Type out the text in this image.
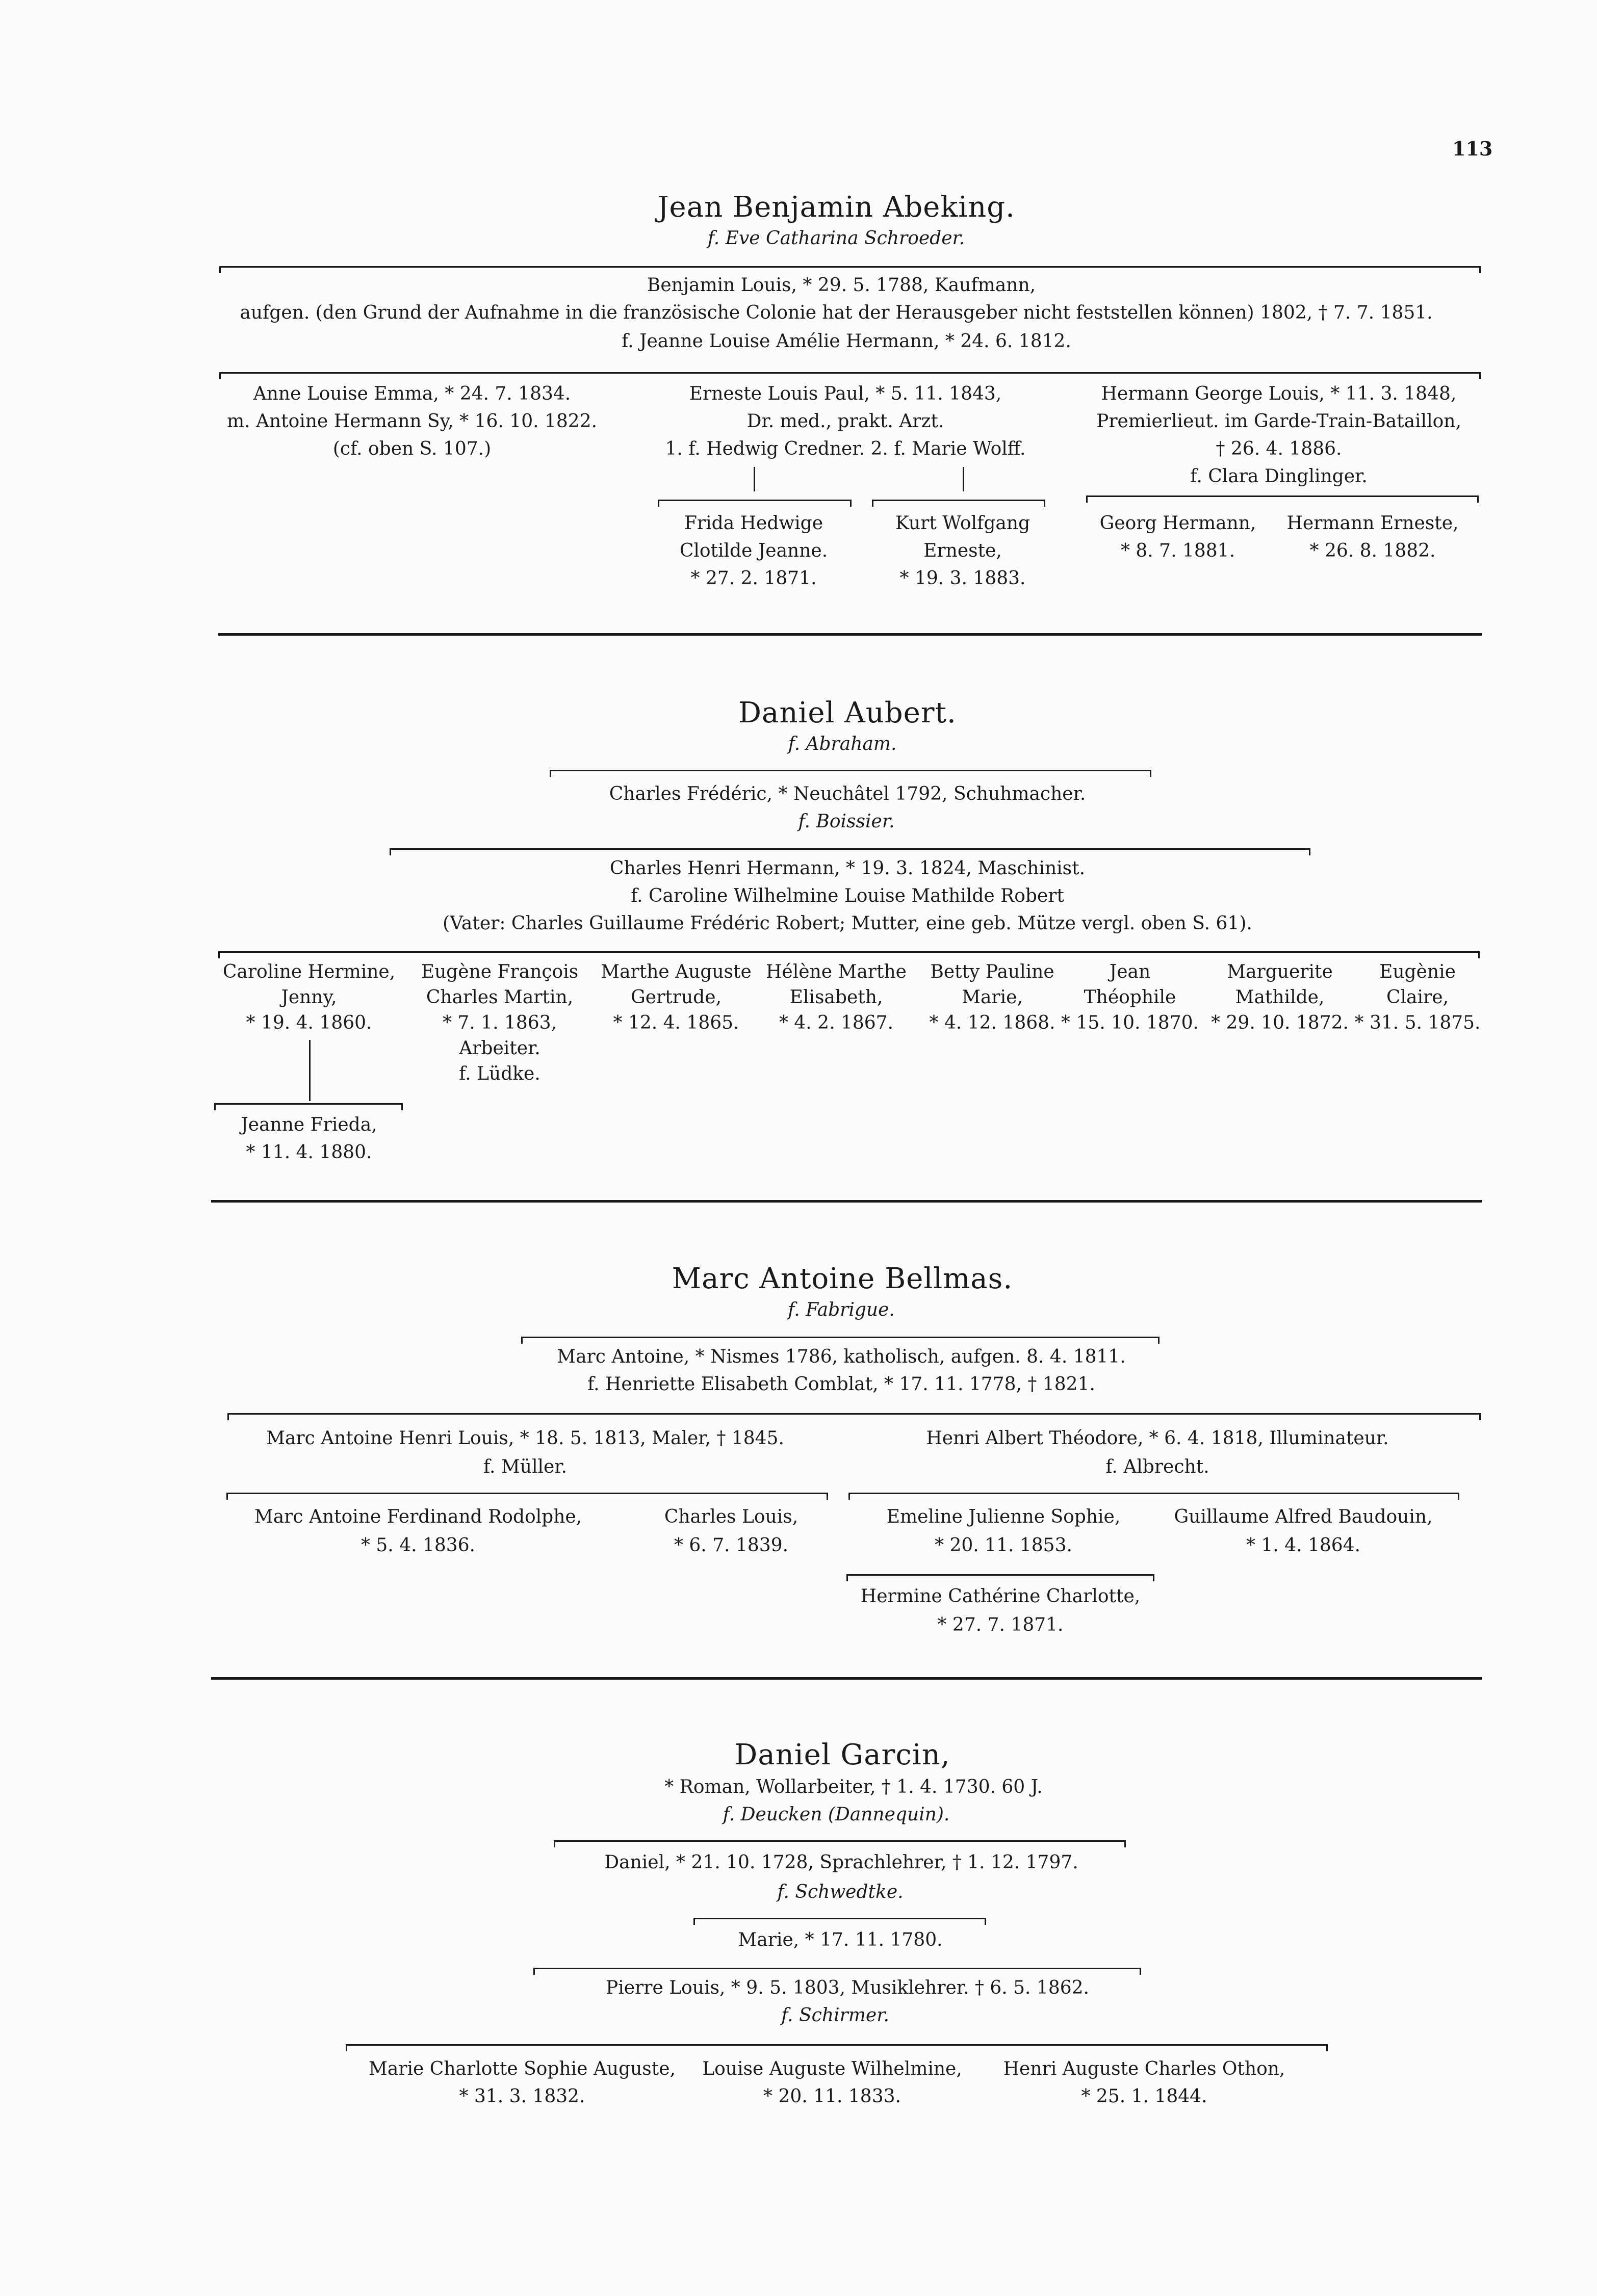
113
Jean Benjamin Abeking.
f. Eve Catharina Schroeder.
Benjamin Louis, * 29. 5. 1788, Kaufmann,
aufgen. (den Grund der Aufnahme in die französische Colonie hat der Herausgeber nicht feststellen können) 1802, † 7. 7. 1851.
f. Jeanne Louise Amélie Hermann, * 24. 6. 1812.
Anne Louise Emma, * 24. 7. 1834.
m. Antoine Hermann Sy, * 16. 10. 1822.
(cf. oben S. 107.)
Erneste Louis Paul, * 5. 11. 1843,
Dr. med., prakt. Arzt.
1. f. Hedwig Credner. 2. f. Marie Wolff.
Hermann George Louis, * 11. 3. 1848,
Premierlieut. im Garde-Train-Bataillon,
† 26. 4. 1886.
f. Clara Dinglinger.
Frida Hedwige
Clotilde Jeanne.
* 27. 2. 1871.
Kurt Wolfgang
Erneste,
* 19. 3. 1883.
Georg Hermann,
* 8. 7. 1881.
Hermann Erneste,
* 26. 8. 1882.
Daniel Aubert.
f. Abraham.
Charles Frédéric, * Neuchâtel 1792, Schuhmacher.
f. Boissier.
Charles Henri Hermann, * 19. 3. 1824, Maschinist.
f. Caroline Wilhelmine Louise Mathilde Robert
(Vater: Charles Guillaume Frédéric Robert; Mutter, eine geb. Mütze vergl. oben S. 61).
Caroline Hermine,
Jenny,
* 19. 4. 1860.
Eugène François
Charles Martin,
* 7. 1. 1863,
Arbeiter.
f. Lüdke.
Marthe Auguste
Gertrude,
* 12. 4. 1865.
Hélène Marthe
Elisabeth,
* 4. 2. 1867.
Betty Pauline
Marie,
* 4. 12. 1868.
Jean
Théophile
* 15. 10. 1870.
Marguerite
Mathilde,
* 29. 10. 1872.
Eugènie
Claire,
* 31. 5. 1875.
Jeanne Frieda,
* 11. 4. 1880.
Marc Antoine Bellmas.
f. Fabrigue.
Marc Antoine, * Nismes 1786, katholisch, aufgen. 8. 4. 1811.
f. Henriette Elisabeth Comblat, * 17. 11. 1778, † 1821.
Marc Antoine Henri Louis, * 18. 5. 1813, Maler, † 1845.
f. Müller.
Henri Albert Théodore, * 6. 4. 1818, Illuminateur.
f. Albrecht.
Marc Antoine Ferdinand Rodolphe,
* 5. 4. 1836.
Charles Louis,
* 6. 7. 1839.
Emeline Julienne Sophie,
* 20. 11. 1853.
Guillaume Alfred Baudouin,
* 1. 4. 1864.
Hermine Cathérine Charlotte,
* 27. 7. 1871.
Daniel Garcin,
* Roman, Wollarbeiter, † 1. 4. 1730. 60 J.
f. Deucken (Dannequin).
Daniel, * 21. 10. 1728, Sprachlehrer, † 1. 12. 1797.
f. Schwedtke.
Marie, * 17. 11. 1780.
Pierre Louis, * 9. 5. 1803, Musiklehrer. † 6. 5. 1862.
f. Schirmer.
Marie Charlotte Sophie Auguste,
* 31. 3. 1832.
Louise Auguste Wilhelmine,
* 20. 11. 1833.
Henri Auguste Charles Othon,
* 25. 1. 1844.
